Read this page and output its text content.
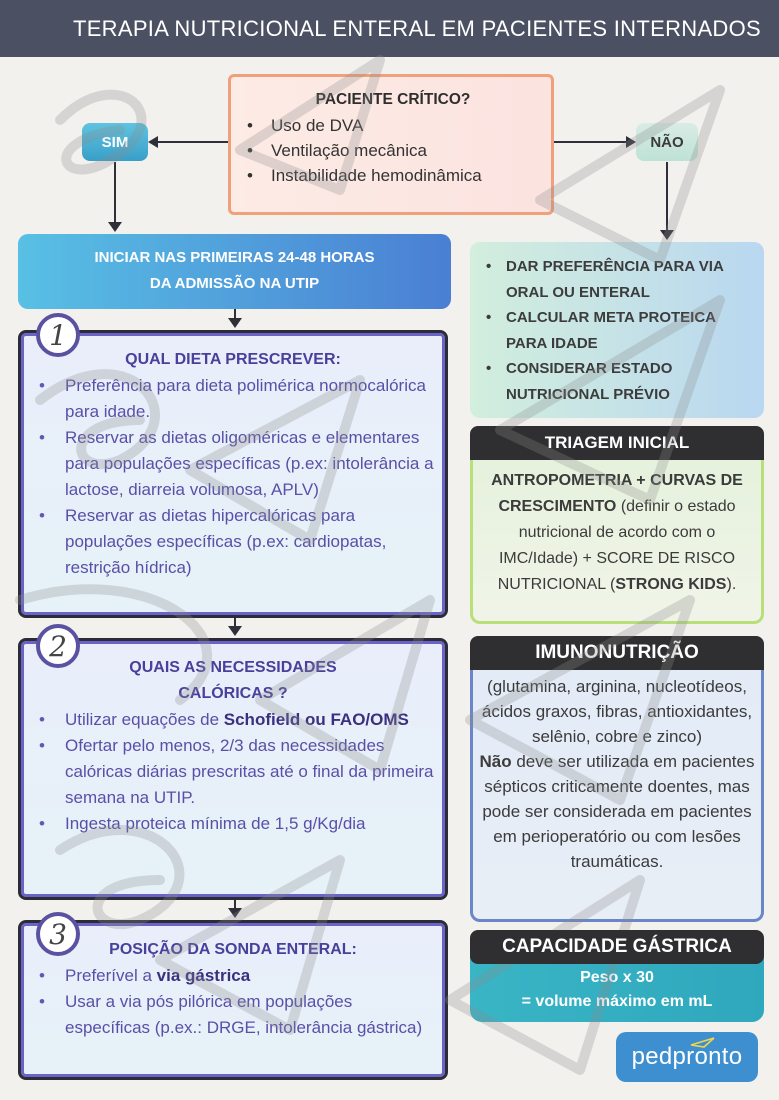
TERAPIA NUTRICIONAL ENTERAL EM PACIENTES INTERNADOS
PACIENTE CRÍTICO?
• Uso de DVA
• Ventilação mecânica
• Instabilidade hemodinâmica
SIM	NÃO
INICIAR NAS PRIMEIRAS 24-48 HORAS
DA ADMISSÃO NA UTIP
• DAR PREFERÊNCIA PARA VIA ORAL OU ENTERAL
• CALCULAR META PROTEICA PARA IDADE
• CONSIDERAR ESTADO NUTRICIONAL PRÉVIO
QUAL DIETA PRESCREVER:
• Preferência para dieta polimérica normocalórica para idade.
• Reservar as dietas oligoméricas e elementares para populações específicas (p.ex: intolerância a lactose, diarreia volumosa, APLV)
• Reservar as dietas hipercalóricas para populações específicas (p.ex: cardiopatas, restrição hídrica)
1
QUAIS AS NECESSIDADES
CALÓRICAS ?
• Utilizar equações de Schofield ou FAO/OMS
• Ofertar pelo menos, 2/3 das necessidades calóricas diárias prescritas até o final da primeira semana na UTIP.
• Ingesta proteica mínima de 1,5 g/Kg/dia
2
POSIÇÃO DA SONDA ENTERAL:
• Preferível a via gástrica
• Usar a via pós pilórica em populações específicas (p.ex.: DRGE, intolerância gástrica)
3
TRIAGEM INICIAL
ANTROPOMETRIA + CURVAS DE CRESCIMENTO (definir o estado nutricional de acordo com o IMC/Idade) + SCORE DE RISCO NUTRICIONAL (STRONG KIDS).
IMUNONUTRIÇÃO
(glutamina, arginina, nucleotídeos, ácidos graxos, fibras, antioxidantes, selênio, cobre e zinco)
Não deve ser utilizada em pacientes sépticos criticamente doentes, mas pode ser considerada em pacientes em perioperatório ou com lesões traumáticas.
CAPACIDADE GÁSTRICA
Peso x 30
= volume máximo em mL
pedpronto
